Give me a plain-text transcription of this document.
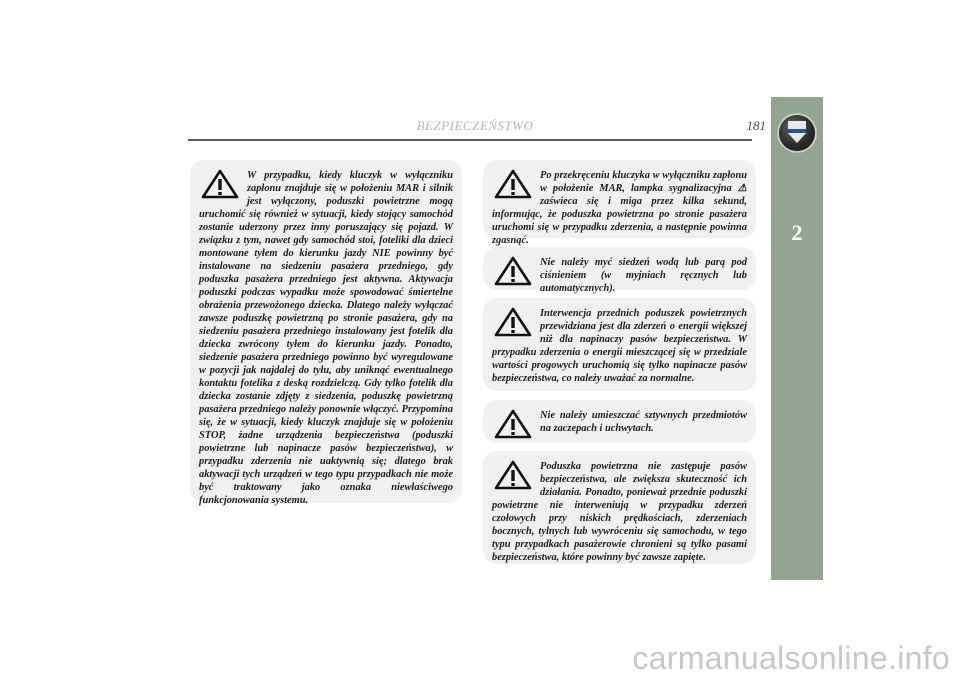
BEZPIECZEŃSTWO	181
2

W przypadku, kiedy kluczyk w wyłączniku zapłonu znajduje się w położeniu MAR i silnik jest wyłączony, poduszki powietrzne mogą uruchomić się również w sytuacji, kiedy stojący samochód zostanie uderzony przez inny poruszający się pojazd. W związku z tym, nawet gdy samochód stoi, foteliki dla dzieci montowane tyłem do kierunku jazdy NIE powinny być instalowane na siedzeniu pasażera przedniego, gdy poduszka pasażera przedniego jest aktywna. Aktywacja poduszki podczas wypadku może spowodować śmiertelne obrażenia przewożonego dziecka. Dlatego należy wyłączać zawsze poduszkę powietrzną po stronie pasażera, gdy na siedzeniu pasażera przedniego instalowany jest fotelik dla dziecka zwrócony tyłem do kierunku jazdy. Ponadto, siedzenie pasażera przedniego powinno być wyregulowane w pozycji jak najdalej do tyłu, aby uniknąć ewentualnego kontaktu fotelika z deską rozdzielczą. Gdy tylko fotelik dla dziecka zostanie zdjęty z siedzenia, poduszkę powietrzną pasażera przedniego należy ponownie włączyć. Przypomina się, że w sytuacji, kiedy kluczyk znajduje się w położeniu STOP, żadne urządzenia bezpieczeństwa (poduszki powietrzne lub napinacze pasów bezpieczeństwa), w przypadku zderzenia nie uaktywnią się; dlatego brak aktywacji tych urządzeń w tego typu przypadkach nie może być traktowany jako oznaka niewłaściwego funkcjonowania systemu.

Po przekręceniu kluczyka w wyłączniku zapłonu w położenie MAR, lampka sygnalizacyjna ⚠ zaświeca się i miga przez kilka sekund, informując, że poduszka powietrzna po stronie pasażera uruchomi się w przypadku zderzenia, a następnie powinna zgasnąć.

Nie należy myć siedzeń wodą lub parą pod ciśnieniem (w myjniach ręcznych lub automatycznych).

Interwencja przednich poduszek powietrznych przewidziana jest dla zderzeń o energii większej niż dla napinaczy pasów bezpieczeństwa. W przypadku zderzenia o energii mieszczącej się w przedziale wartości progowych uruchomią się tylko napinacze pasów bezpieczeństwa, co należy uważać za normalne.

Nie należy umieszczać sztywnych przedmiotów na zaczepach i uchwytach.

Poduszka powietrzna nie zastępuje pasów bezpieczeństwa, ale zwiększa skuteczność ich działania. Ponadto, ponieważ przednie poduszki powietrzne nie interweniują w przypadku zderzeń czołowych przy niskich prędkościach, zderzeniach bocznych, tylnych lub wywróceniu się samochodu, w tego typu przypadkach pasażerowie chronieni są tylko pasami bezpieczeństwa, które powinny być zawsze zapięte.

carmanualsonline.info
